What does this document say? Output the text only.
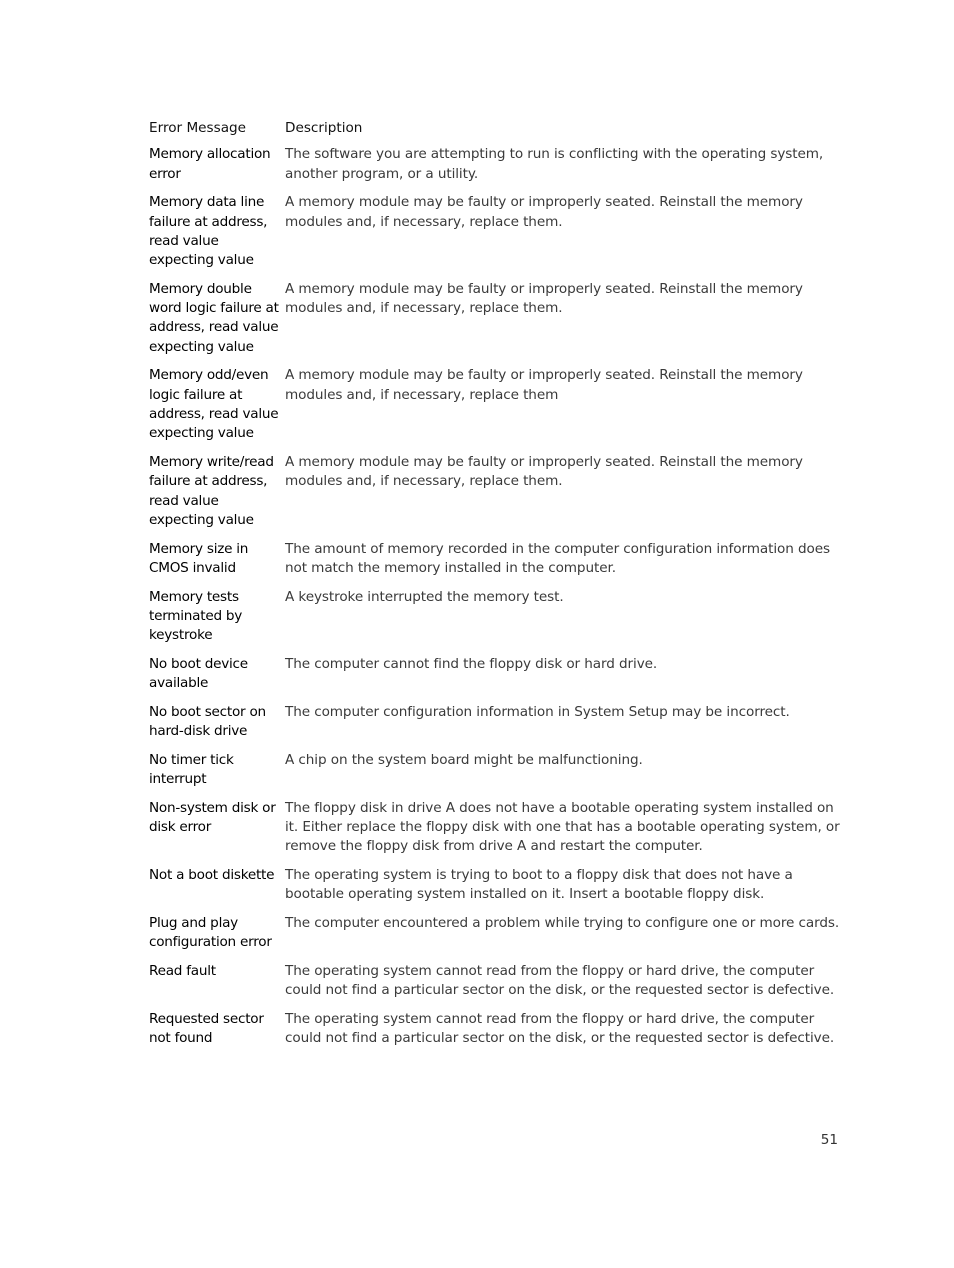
Error Message	Description
Memory allocation error	The software you are attempting to run is conflicting with the operating system, another program, or a utility.
Memory data line failure at address, read value expecting value	A memory module may be faulty or improperly seated. Reinstall the memory modules and, if necessary, replace them.
Memory double word logic failure at address, read value expecting value	A memory module may be faulty or improperly seated. Reinstall the memory modules and, if necessary, replace them.
Memory odd/even logic failure at address, read value expecting value	A memory module may be faulty or improperly seated. Reinstall the memory modules and, if necessary, replace them
Memory write/read failure at address, read value expecting value	A memory module may be faulty or improperly seated. Reinstall the memory modules and, if necessary, replace them.
Memory size in CMOS invalid	The amount of memory recorded in the computer configuration information does not match the memory installed in the computer.
Memory tests terminated by keystroke	A keystroke interrupted the memory test.
No boot device available	The computer cannot find the floppy disk or hard drive.
No boot sector on hard-disk drive	The computer configuration information in System Setup may be incorrect.
No timer tick interrupt	A chip on the system board might be malfunctioning.
Non-system disk or disk error	The floppy disk in drive A does not have a bootable operating system installed on it. Either replace the floppy disk with one that has a bootable operating system, or remove the floppy disk from drive A and restart the computer.
Not a boot diskette	The operating system is trying to boot to a floppy disk that does not have a bootable operating system installed on it. Insert a bootable floppy disk.
Plug and play configuration error	The computer encountered a problem while trying to configure one or more cards.
Read fault	The operating system cannot read from the floppy or hard drive, the computer could not find a particular sector on the disk, or the requested sector is defective.
Requested sector not found	The operating system cannot read from the floppy or hard drive, the computer could not find a particular sector on the disk, or the requested sector is defective.
51
